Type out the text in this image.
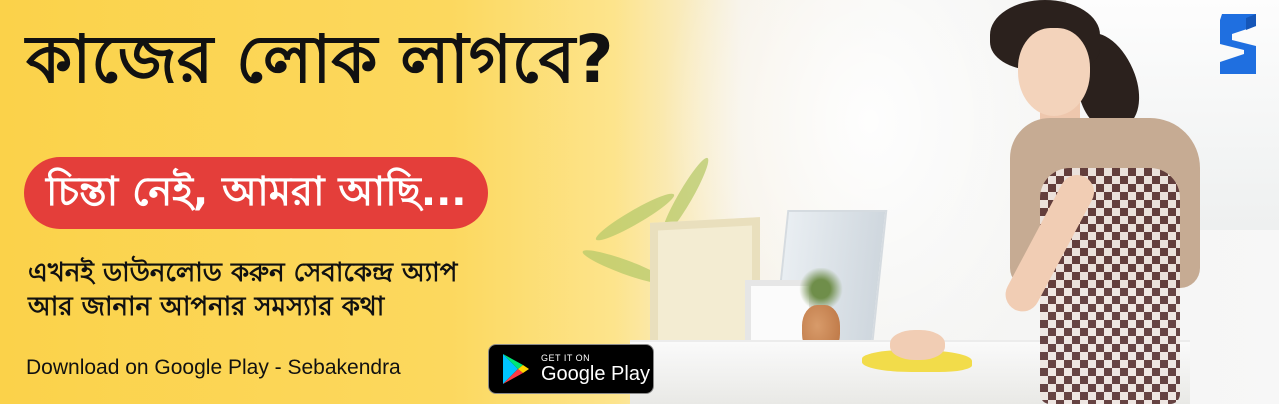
কাজের লোক লাগবে?
চিন্তা নেই, আমরা আছি...
এখনই ডাউনলোড করুন সেবাকেন্দ্র অ্যাপ
আর জানান আপনার সমস্যার কথা
Download on Google Play - Sebakendra	GET IT ON
Google Play
